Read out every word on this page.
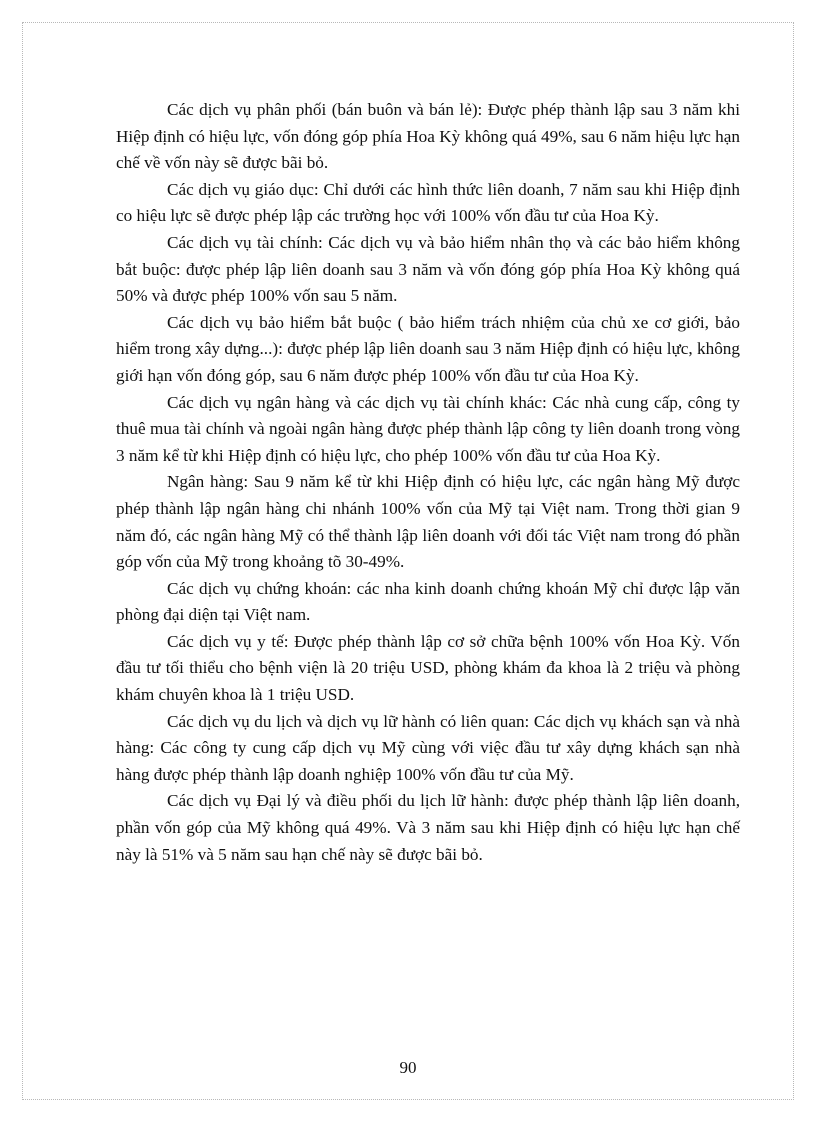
Các dịch vụ phân phối (bán buôn và bán lẻ): Được phép thành lập sau 3 năm khi Hiệp định có hiệu lực, vốn đóng góp phía Hoa Kỳ không quá 49%, sau 6 năm hiệu lực hạn chế về vốn này sẽ được bãi bỏ.

Các dịch vụ giáo dục: Chỉ dưới các hình thức liên doanh, 7 năm sau khi Hiệp định co hiệu lực sẽ được phép lập các trường học với 100% vốn đầu tư của Hoa Kỳ.

Các dịch vụ tài chính: Các dịch vụ và bảo hiểm nhân thọ và các bảo hiểm không bắt buộc: được phép lập liên doanh sau 3 năm và vốn đóng góp phía Hoa Kỳ không quá 50% và được phép 100% vốn sau 5 năm.

Các dịch vụ bảo hiểm bắt buộc ( bảo hiểm trách nhiệm của chủ xe cơ giới, bảo hiểm trong xây dựng...): được phép lập liên doanh sau 3 năm Hiệp định có hiệu lực, không giới hạn vốn đóng góp, sau 6 năm được phép 100% vốn đầu tư của Hoa Kỳ.

Các dịch vụ ngân hàng và các dịch vụ tài chính khác: Các nhà cung cấp, công ty thuê mua tài chính và ngoài ngân hàng được phép thành lập công ty liên doanh trong vòng 3 năm kể từ khi Hiệp định có hiệu lực, cho phép 100% vốn đầu tư của Hoa Kỳ.

Ngân hàng: Sau 9 năm kể từ khi Hiệp định có hiệu lực, các ngân hàng Mỹ được phép thành lập ngân hàng chi nhánh 100% vốn của Mỹ tại Việt nam. Trong thời gian 9 năm đó, các ngân hàng Mỹ có thể thành lập liên doanh với đối tác Việt nam trong đó phần góp vốn của Mỹ trong khoảng tõ 30-49%.

Các dịch vụ chứng khoán: các nha kinh doanh chứng khoán Mỹ chỉ được lập văn phòng đại diện tại Việt nam.

Các dịch vụ y tế: Được phép thành lập cơ sở chữa bệnh 100% vốn Hoa Kỳ. Vốn đầu tư tối thiểu cho bệnh viện là 20 triệu USD, phòng khám đa khoa là 2 triệu và phòng khám chuyên khoa là 1 triệu USD.

Các dịch vụ du lịch và dịch vụ lữ hành có liên quan: Các dịch vụ khách sạn và nhà hàng: Các công ty cung cấp dịch vụ Mỹ cùng với việc đầu tư xây dựng khách sạn nhà hàng được phép thành lập doanh nghiệp 100% vốn đầu tư của Mỹ.

Các dịch vụ Đại lý và điều phối du lịch lữ hành: được phép thành lập liên doanh, phần vốn góp của Mỹ không quá 49%. Và 3 năm sau khi Hiệp định có hiệu lực hạn chế này là 51% và 5 năm sau hạn chế này sẽ được bãi bỏ.

90
